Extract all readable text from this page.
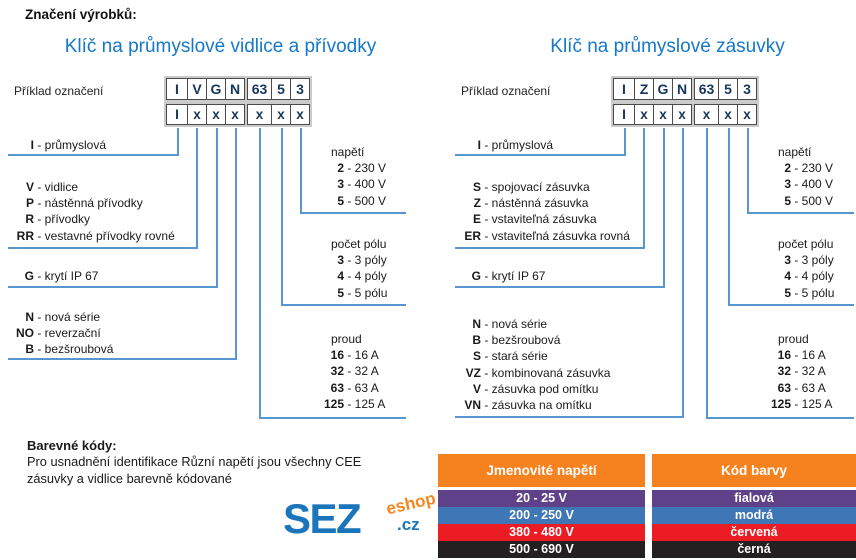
Značení výrobků:
Klíč na průmyslové vidlice a přívodky
Příklad označení	I V G N 63 5 3
I	x x x	x	x x
I - průmyslová
V - vidlice
P - nástěnná přívodky
R - přívodky
RR - vestavné přívodky rovné
G - krytí IP 67
N - nová série
NO - reverzační
B - bezšroubová
napětí
2 - 230 V
3 - 400 V
5 - 500 V
počet pólu
3 - 3 póly
4 - 4 póly
5 - 5 pólu
proud
16 - 16 A
32 - 32 A
63 - 63 A
125 - 125 A
Klíč na průmyslové zásuvky
Příklad označení	I Z G N 63 5 3
I	x x x	x	x x
I - průmyslová
S - spojovací zásuvka
Z - nástěnná zásuvka
E - vstaviteľná zásuvka
ER - vstaviteľná zásuvka rovná
G - krytí IP 67
N - nová série
B - bezšroubová
S - stará série
VZ - kombinovaná zásuvka
V - zásuvka pod omítku
VN - zásuvka na omítku
napětí
2 - 230 V
3 - 400 V
5 - 500 V
počet pólu
3 - 3 póly
4 - 4 póly
5 - 5 pólu
proud
16 - 16 A
32 - 32 A
63 - 63 A
125 - 125 A
Barevné kódy:
Pro usnadnění identifikace Různí napětí jsou všechny CEE
zásuvky a vidlice barevně kódované
SEZ eshop
.cz
Jmenovité napětí	Kód barvy
20 - 25 V	fialová
200 - 250 V	modrá
380 - 480 V	červená
500 - 690 V	černá
